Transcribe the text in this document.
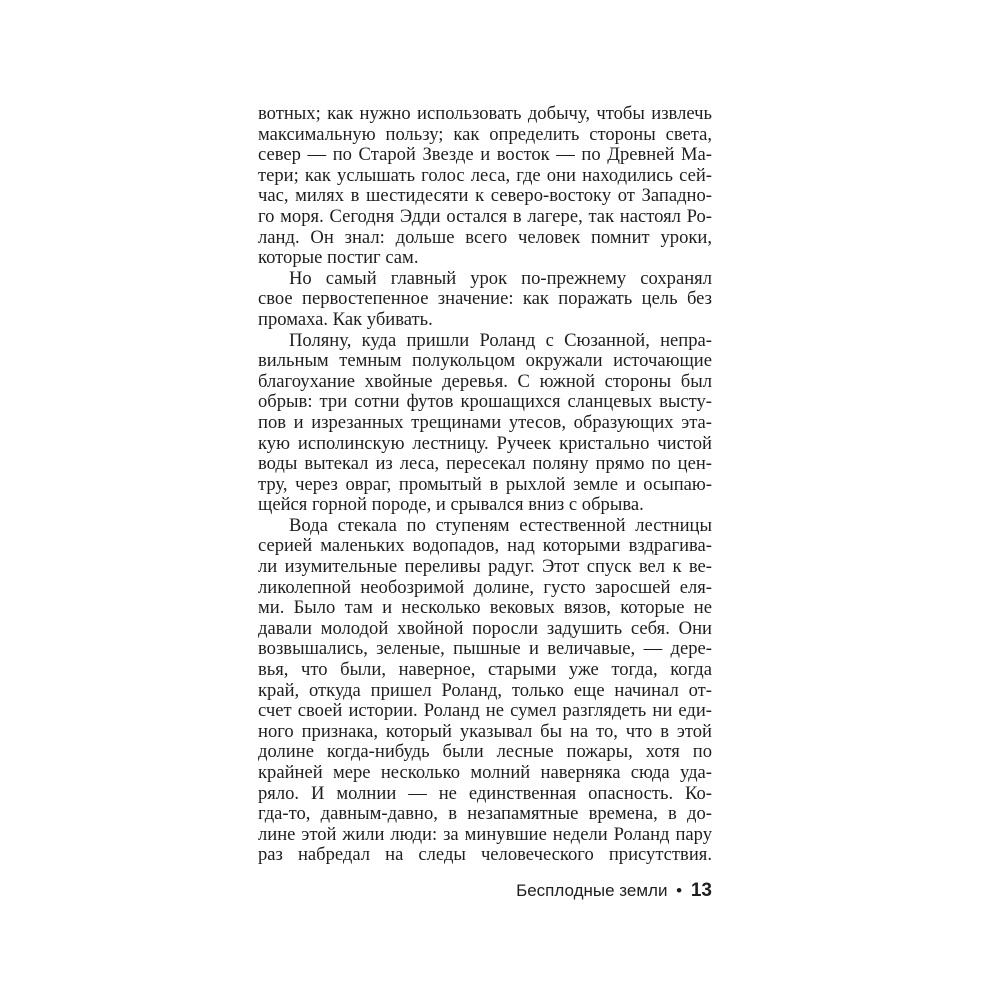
вотных; как нужно использовать добычу, чтобы извлечь
максимальную пользу; как определить стороны света,
север — по Старой Звезде и восток — по Древней Ма-
тери; как услышать голос леса, где они находились сей-
час, милях в шестидесяти к северо-востоку от Западно-
го моря. Сегодня Эдди остался в лагере, так настоял Ро-
ланд. Он знал: дольше всего человек помнит уроки,
которые постиг сам.
Но самый главный урок по-прежнему сохранял
свое первостепенное значение: как поражать цель без
промаха. Как убивать.
Поляну, куда пришли Роланд с Сюзанной, непра-
вильным темным полукольцом окружали источающие
благоухание хвойные деревья. С южной стороны был
обрыв: три сотни футов крошащихся сланцевых высту-
пов и изрезанных трещинами утесов, образующих эта-
кую исполинскую лестницу. Ручеек кристально чистой
воды вытекал из леса, пересекал поляну прямо по цен-
тру, через овраг, промытый в рыхлой земле и осыпаю-
щейся горной породе, и срывался вниз с обрыва.
Вода стекала по ступеням естественной лестницы
серией маленьких водопадов, над которыми вздрагива-
ли изумительные переливы радуг. Этот спуск вел к ве-
ликолепной необозримой долине, густо заросшей еля-
ми. Было там и несколько вековых вязов, которые не
давали молодой хвойной поросли задушить себя. Они
возвышались, зеленые, пышные и величавые, — дере-
вья, что были, наверное, старыми уже тогда, когда
край, откуда пришел Роланд, только еще начинал от-
счет своей истории. Роланд не сумел разглядеть ни еди-
ного признака, который указывал бы на то, что в этой
долине когда-нибудь были лесные пожары, хотя по
крайней мере несколько молний наверняка сюда уда-
ряло. И молнии — не единственная опасность. Ко-
гда-то, давным-давно, в незапамятные времена, в до-
лине этой жили люди: за минувшие недели Роланд пару
раз набредал на следы человеческого присутствия.
Бесплодные земли • 13
